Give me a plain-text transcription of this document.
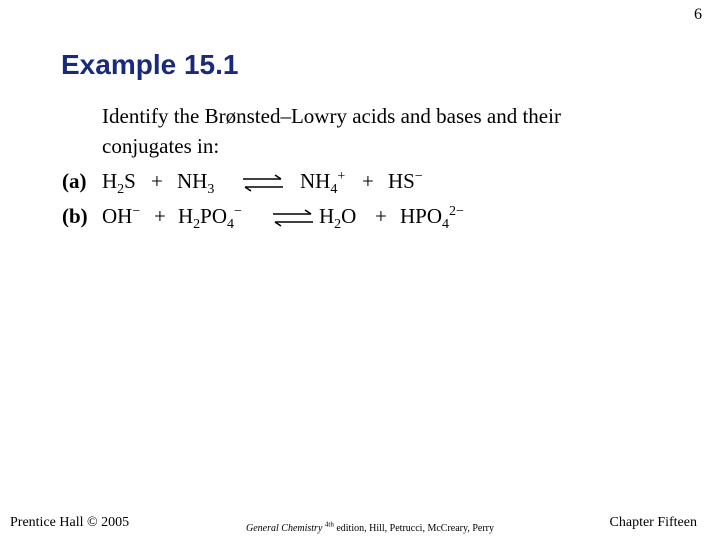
6
Example 15.1
Identify the Brønsted–Lowry acids and bases and their
conjugates in:
(a) $H_2S + NH_3$ ⇌ $NH_4^+ + HS^-$
(b) $OH^- + H_2PO_4^-$ ⇌ $H_2O + HPO_4^{2-}$
Prentice Hall © 2005	General Chemistry $^{4th}$ edition, Hill, Petrucci, McCreary, Perry	Chapter Fifteen
